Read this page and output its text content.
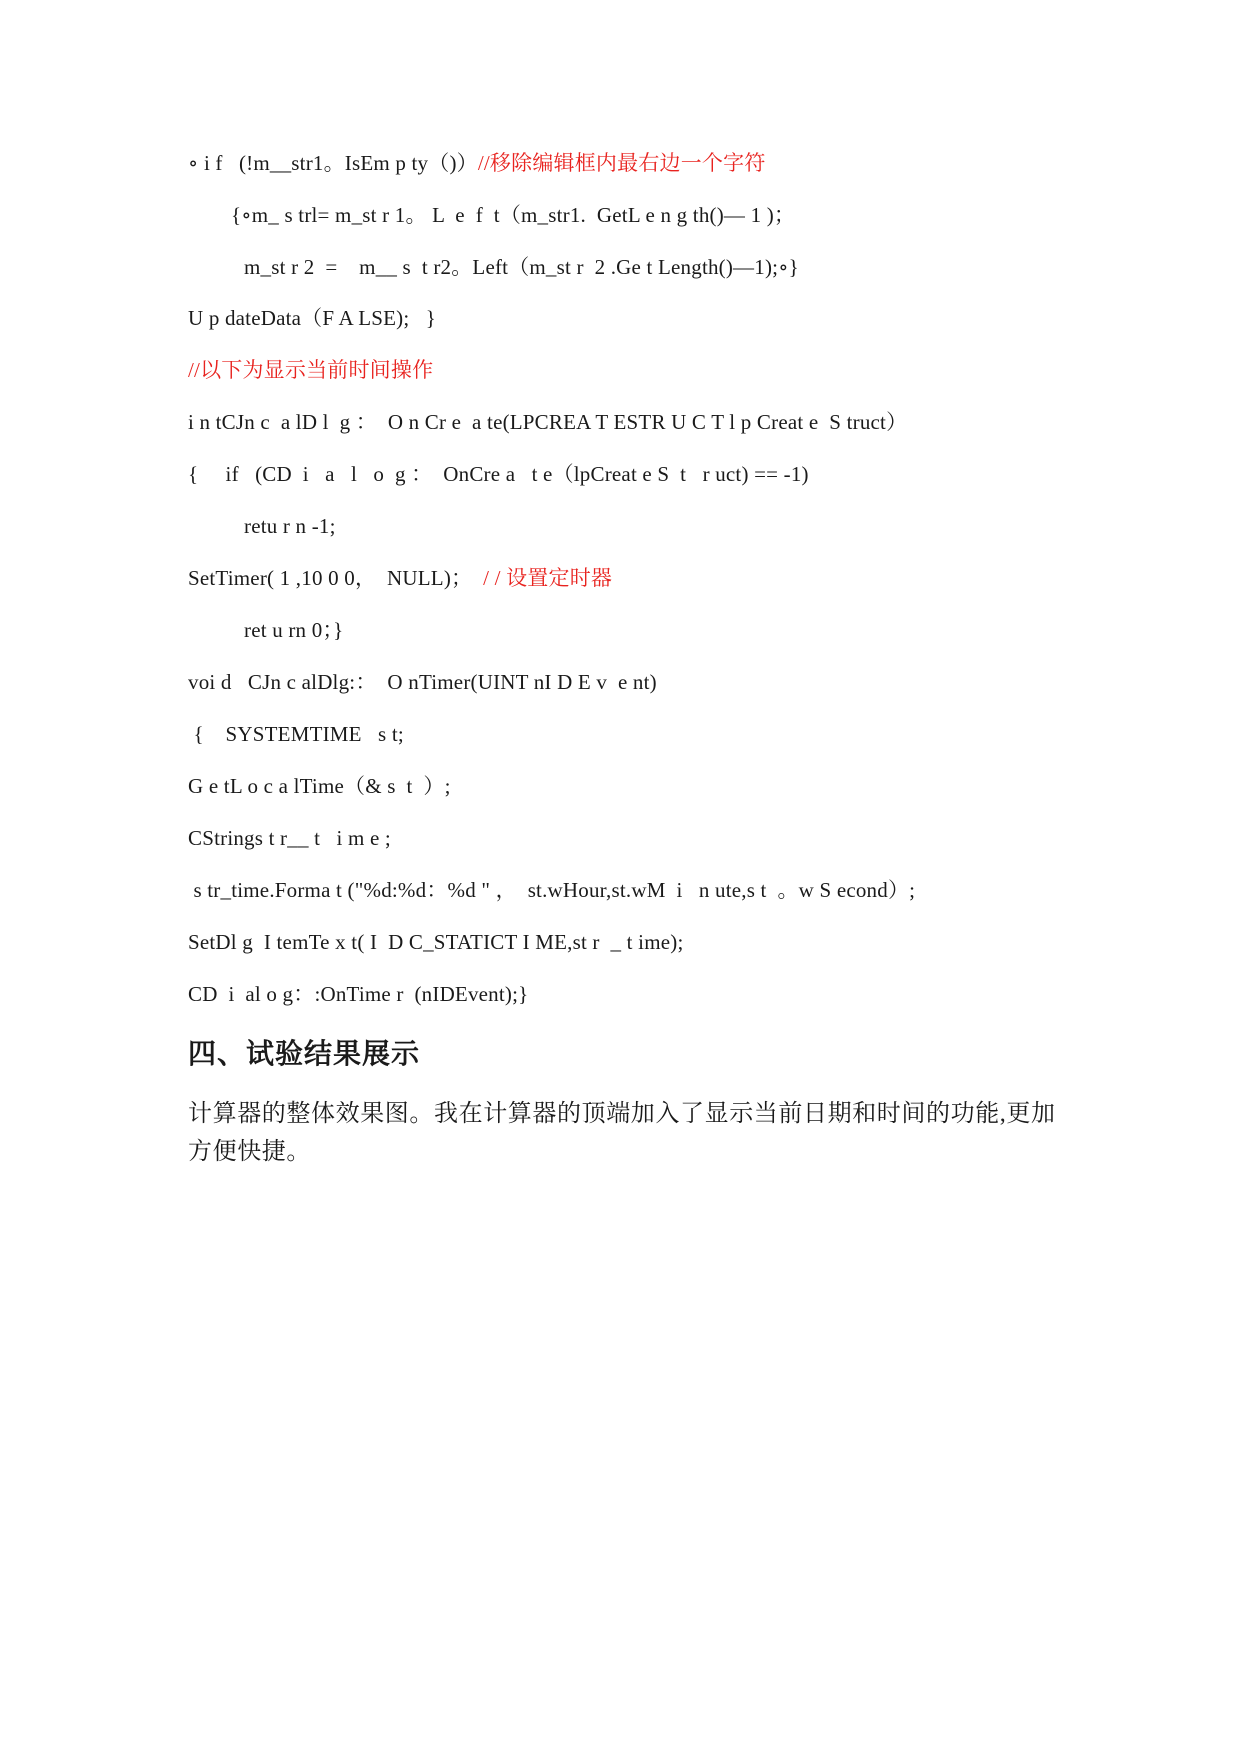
∘ i f   (!m__str1。IsEm p ty（)）//移除编辑框内最右边一个字符
{∘m_ s trl= m_st r 1。 L  e  f  t（m_str1.  GetL e n g th()— 1 )；
m_st r 2  =    m__ s  t r2。Left（m_st r  2 .Ge t Length()—1);∘}
U p dateData（F A LSE);   }
//以下为显示当前时间操作
i n tCJn c  a lD l  g ：  O n Cr e  a te(LPCREA T ESTR U C T l p Creat e  S truct）
{     if   (CD  i   a   l   o  g ：  OnCre a   t e（lpCreat e S  t   r uct) == -1)
retu r n -1;
SetTimer( 1 ,10 0 0，  NULL)；  / / 设置定时器
ret u rn 0；}
voi d   CJn c alDlg:：  O nTimer(UINT nI D E v  e nt)
{    SYSTEMTIME   s t;
G e tL o c a lTime（& s  t  ）;
CStrings t r__ t   i m e ;
s tr_time.Forma t ("%d:%d：%d " ，  st.wHour,st.wM  i   n ute,s t  。w S econd）;
SetDl g  I temTe x t( I  D C_STATICT I ME,st r  _ t ime);
CD  i  al o g：:OnTime r  (nIDEvent);}
四、试验结果展示
计算器的整体效果图。我在计算器的顶端加入了显示当前日期和时间的功能,更加方便快捷。
